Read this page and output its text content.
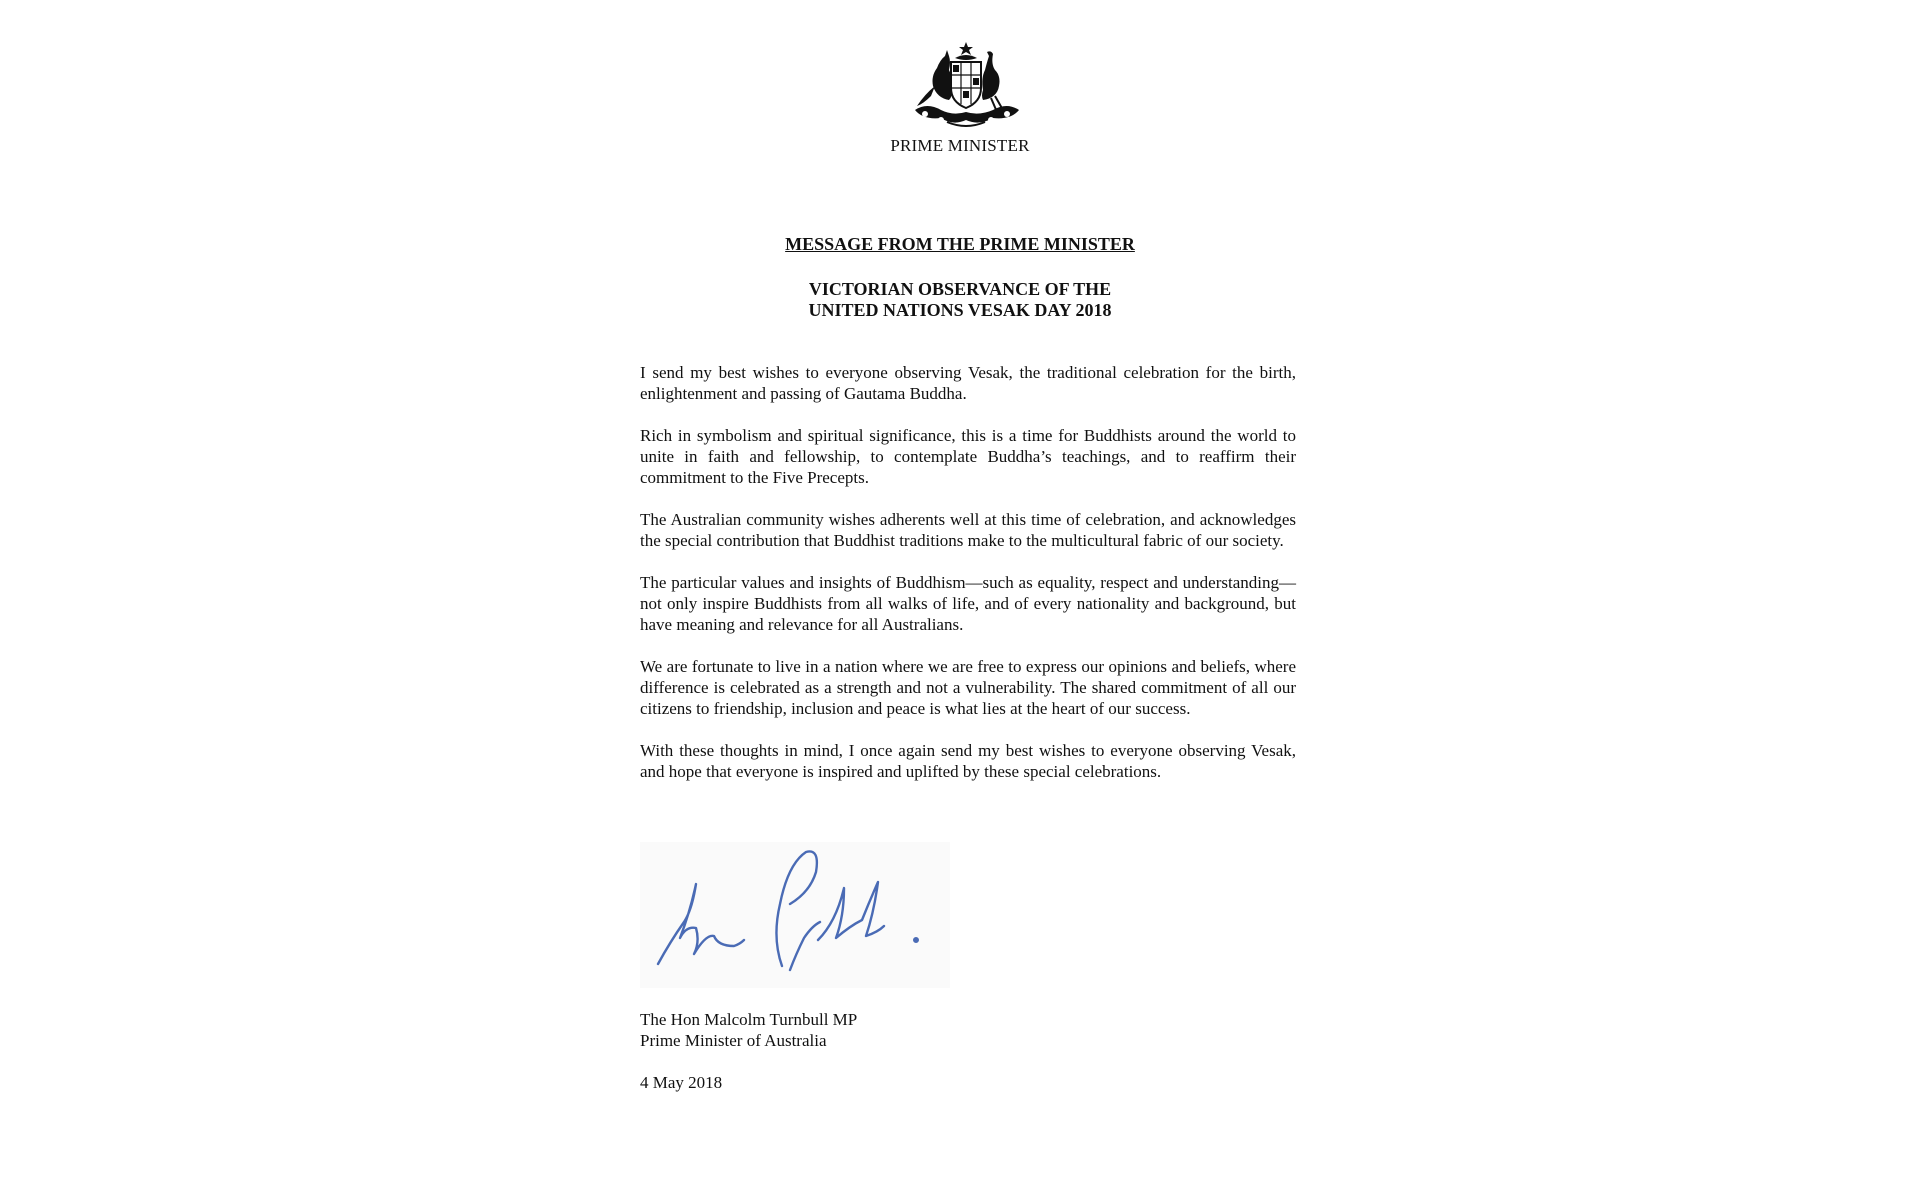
PRIME MINISTER
MESSAGE FROM THE PRIME MINISTER
VICTORIAN OBSERVANCE OF THE
UNITED NATIONS VESAK DAY 2018

I send my best wishes to everyone observing Vesak, the traditional celebration for the birth, enlightenment and passing of Gautama Buddha.

Rich in symbolism and spiritual significance, this is a time for Buddhists around the world to unite in faith and fellowship, to contemplate Buddha’s teachings, and to reaffirm their commitment to the Five Precepts.

The Australian community wishes adherents well at this time of celebration, and acknowledges the special contribution that Buddhist traditions make to the multicultural fabric of our society.

The particular values and insights of Buddhism—such as equality, respect and understanding—not only inspire Buddhists from all walks of life, and of every nationality and background, but have meaning and relevance for all Australians.

We are fortunate to live in a nation where we are free to express our opinions and beliefs, where difference is celebrated as a strength and not a vulnerability. The shared commitment of all our citizens to friendship, inclusion and peace is what lies at the heart of our success.

With these thoughts in mind, I once again send my best wishes to everyone observing Vesak, and hope that everyone is inspired and uplifted by these special celebrations.

The Hon Malcolm Turnbull MP
Prime Minister of Australia
4 May 2018
